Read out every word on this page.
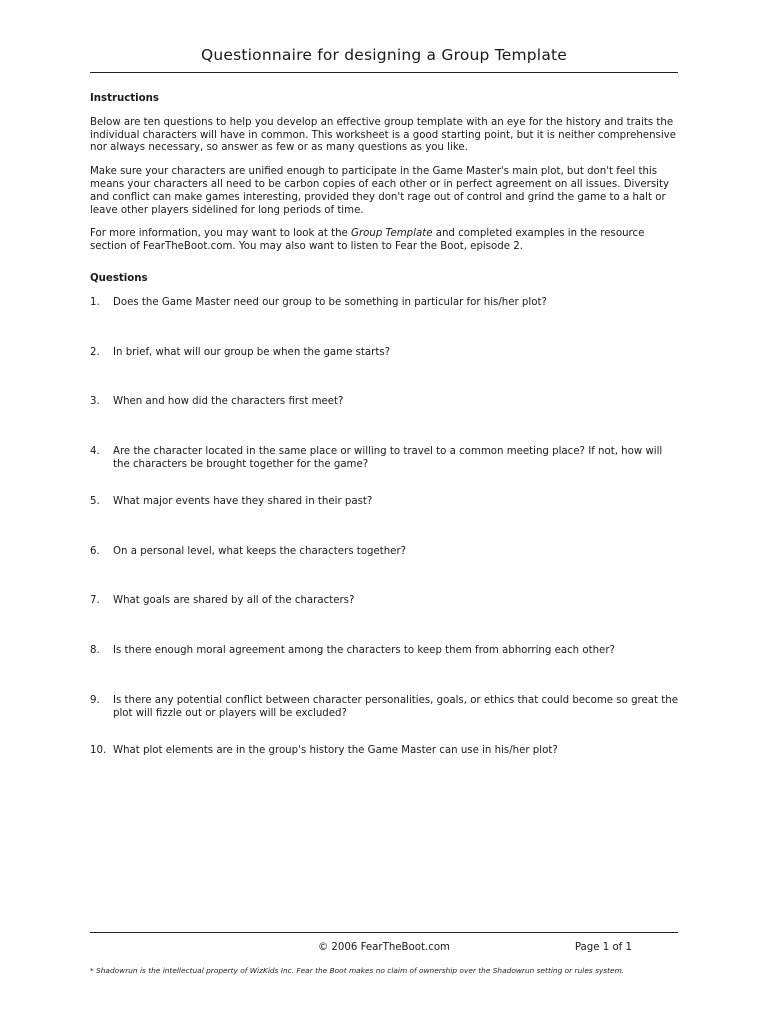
Questionnaire for designing a Group Template
Instructions

Below are ten questions to help you develop an effective group template with an eye for the history and traits the individual characters will have in common. This worksheet is a good starting point, but it is neither comprehensive nor always necessary, so answer as few or as many questions as you like.

Make sure your characters are unified enough to participate in the Game Master's main plot, but don't feel this means your characters all need to be carbon copies of each other or in perfect agreement on all issues. Diversity and conflict can make games interesting, provided they don't rage out of control and grind the game to a halt or leave other players sidelined for long periods of time.

For more information, you may want to look at the Group Template and completed examples in the resource section of FearTheBoot.com. You may also want to listen to Fear the Boot, episode 2.

Questions
1.	Does the Game Master need our group to be something in particular for his/her plot?
2.	In brief, what will our group be when the game starts?
3.	When and how did the characters first meet?
4.	Are the character located in the same place or willing to travel to a common meeting place? If not, how will the characters be brought together for the game?
5.	What major events have they shared in their past?
6.	On a personal level, what keeps the characters together?
7.	What goals are shared by all of the characters?
8.	Is there enough moral agreement among the characters to keep them from abhorring each other?
9.	Is there any potential conflict between character personalities, goals, or ethics that could become so great the plot will fizzle out or players will be excluded?
10. What plot elements are in the group's history the Game Master can use in his/her plot?
© 2006 FearTheBoot.com	Page 1 of 1
* Shadowrun is the intellectual property of WizKids Inc. Fear the Boot makes no claim of ownership over the Shadowrun setting or rules system.
